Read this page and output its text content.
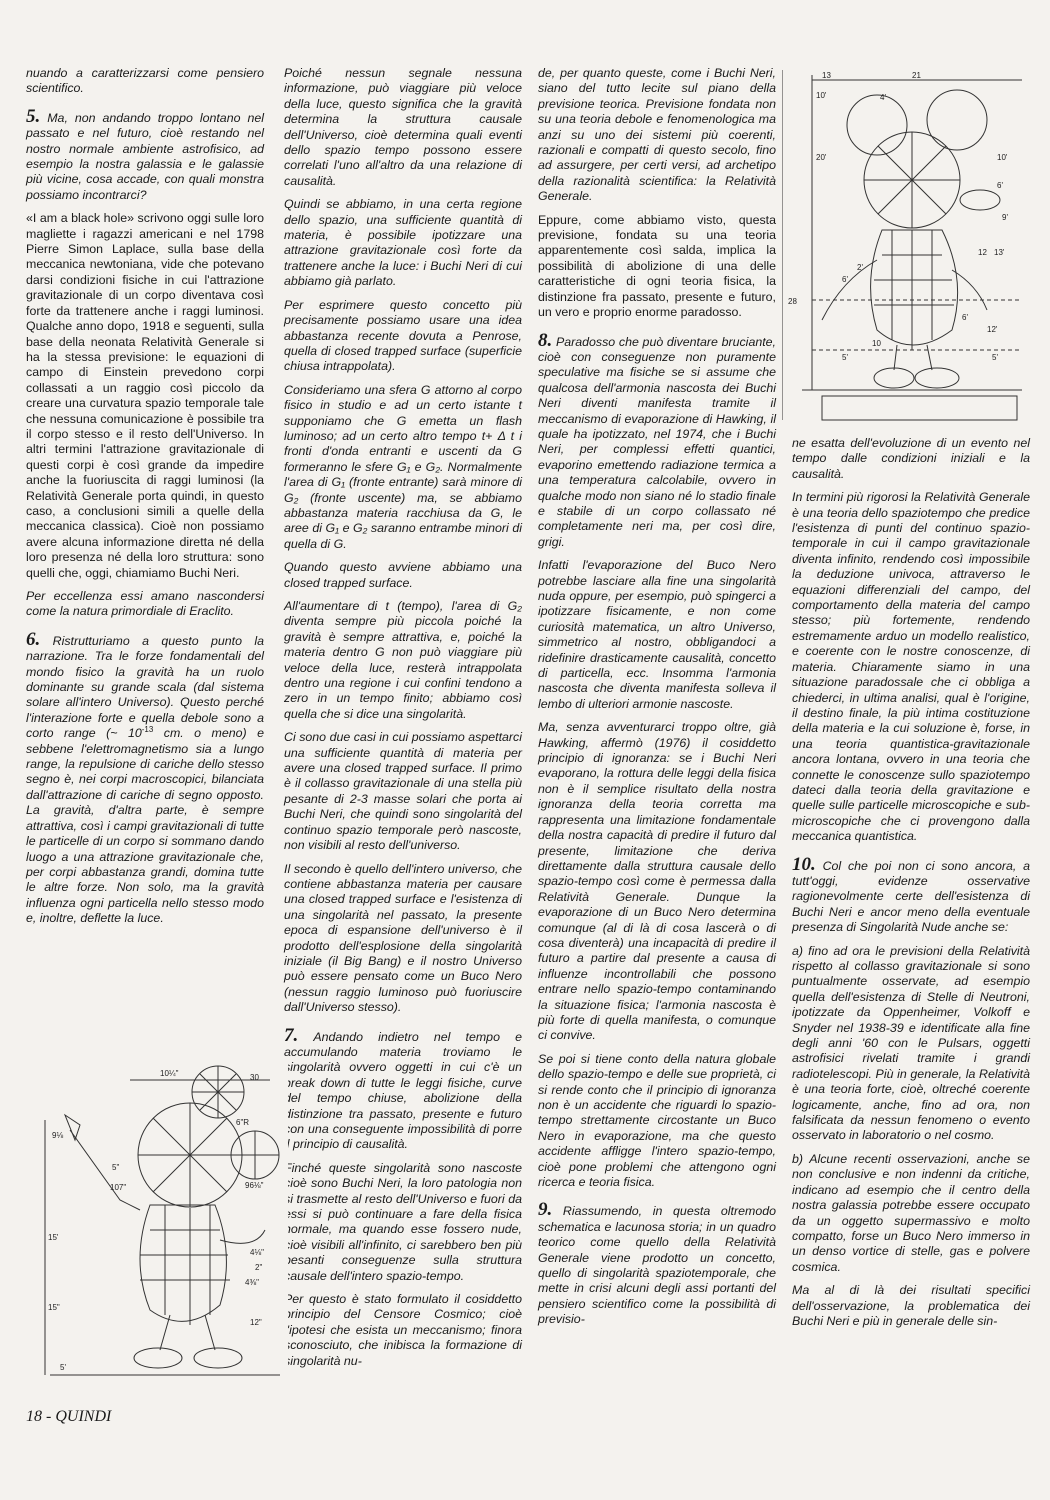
nuando a caratterizzarsi come pensiero scientifico.

5. Ma, non andando troppo lontano nel passato e nel futuro, cioè restando nel nostro normale ambiente astrofisico, ad esempio la nostra galassia e le galassie più vicine, cosa accade, con quali monstra possiamo incontrarci?

«I am a black hole» scrivono oggi sulle loro magliette i ragazzi americani e nel 1798 Pierre Simon Laplace, sulla base della meccanica newtoniana, vide che potevano darsi condizioni fisiche in cui l'attrazione gravitazionale di un corpo diventava così forte da trattenere anche i raggi luminosi. Qualche anno dopo, 1918 e seguenti, sulla base della neonata Relatività Generale si ha la stessa previsione: le equazioni di campo di Einstein prevedono corpi collassati a un raggio così piccolo da creare una curvatura spazio temporale tale che nessuna comunicazione è possibile tra il corpo stesso e il resto dell'Universo. In altri termini l'attrazione gravitazionale di questi corpi è così grande da impedire anche la fuoriuscita di raggi luminosi (la Relatività Generale porta quindi, in questo caso, a conclusioni simili a quelle della meccanica classica). Cioè non possiamo avere alcuna informazione diretta né della loro presenza né della loro struttura: sono quelli che, oggi, chiamiamo Buchi Neri.

Per eccellenza essi amano nascondersi come la natura primordiale di Eraclito.

6. Ristrutturiamo a questo punto la narrazione. Tra le forze fondamentali del mondo fisico la gravità ha un ruolo dominante su grande scala (dal sistema solare all'intero Universo). Questo perché l'interazione forte e quella debole sono a corto range (~ $10^{-13}$ cm. o meno) e sebbene l'elettromagnetismo sia a lungo range, la repulsione di cariche dello stesso segno è, nei corpi macroscopici, bilanciata dall'attrazione di cariche di segno opposto. La gravità, d'altra parte, è sempre attrattiva, così i campi gravitazionali di tutte le particelle di un corpo si sommano dando luogo a una attrazione gravitazionale che, per corpi abbastanza grandi, domina tutte le altre forze. Non solo, ma la gravità influenza ogni particella nello stesso modo e, inoltre, deflette la luce.

Poiché nessun segnale nessuna informazione, può viaggiare più veloce della luce, questo significa che la gravità determina la struttura causale dell'Universo, cioè determina quali eventi dello spazio tempo possono essere correlati l'uno all'altro da una relazione di causalità.

Quindi se abbiamo, in una certa regione dello spazio, una sufficiente quantità di materia, è possibile ipotizzare una attrazione gravitazionale così forte da trattenere anche la luce: i Buchi Neri di cui abbiamo già parlato.

Per esprimere questo concetto più precisamente possiamo usare una idea abbastanza recente dovuta a Penrose, quella di closed trapped surface (superficie chiusa intrappolata).

Consideriamo una sfera G attorno al corpo fisico in studio e ad un certo istante t supponiamo che G emetta un flash luminoso; ad un certo altro tempo t+ Δ t i fronti d'onda entranti e uscenti da G formeranno le sfere G₁ e G₂. Normalmente l'area di G₁ (fronte entrante) sarà minore di G₂ (fronte uscente) ma, se abbiamo abbastanza materia racchiusa da G, le aree di G₁ e G₂ saranno entrambe minori di quella di G.

Quando questo avviene abbiamo una closed trapped surface.

All'aumentare di t (tempo), l'area di G₂ diventa sempre più piccola poiché la gravità è sempre attrattiva, e, poiché la materia dentro G non può viaggiare più veloce della luce, resterà intrappolata dentro una regione i cui confini tendono a zero in un tempo finito; abbiamo così quella che si dice una singolarità.

Ci sono due casi in cui possiamo aspettarci una sufficiente quantità di materia per avere una closed trapped surface. Il primo è il collasso gravitazionale di una stella più pesante di 2-3 masse solari che porta ai Buchi Neri, che quindi sono singolarità del continuo spazio temporale però nascoste, non visibili al resto dell'universo.

Il secondo è quello dell'intero universo, che contiene abbastanza materia per causare una closed trapped surface e l'esistenza di una singolarità nel passato, la presente epoca di espansione dell'universo è il prodotto dell'esplosione della singolarità iniziale (il Big Bang) e il nostro Universo può essere pensato come un Buco Nero (nessun raggio luminoso può fuoriuscire dall'Universo stesso).

7. Andando indietro nel tempo e accumulando materia troviamo le singolarità ovvero oggetti in cui c'è un break down di tutte le leggi fisiche, curve del tempo chiuse, abolizione della distinzione tra passato, presente e futuro con una conseguente impossibilità di porre il principio di causalità.

Finché queste singolarità sono nascoste cioè sono Buchi Neri, la loro patologia non si trasmette al resto dell'Universo e fuori da essi si può continuare a fare della fisica normale, ma quando esse fossero nude, cioè visibili all'infinito, ci sarebbero ben più pesanti conseguenze sulla struttura causale dell'intero spazio-tempo.

Per questo è stato formulato il cosiddetto principio del Censore Cosmico; cioè l'ipotesi che esista un meccanismo; finora sconosciuto, che inibisca la formazione di singolarità nu-

de, per quanto queste, come i Buchi Neri, siano del tutto lecite sul piano della previsione teorica. Previsione fondata non su una teoria debole e fenomenologica ma anzi su uno dei sistemi più coerenti, razionali e compatti di questo secolo, fino ad assurgere, per certi versi, ad archetipo della razionalità scientifica: la Relatività Generale.

Eppure, come abbiamo visto, questa previsione, fondata su una teoria apparentemente così salda, implica la possibilità di abolizione di una delle caratteristiche di ogni teoria fisica, la distinzione fra passato, presente e futuro, un vero e proprio enorme paradosso.

8. Paradosso che può diventare bruciante, cioè con conseguenze non puramente speculative ma fisiche se si assume che qualcosa dell'armonia nascosta dei Buchi Neri diventi manifesta tramite il meccanismo di evaporazione di Hawking, il quale ha ipotizzato, nel 1974, che i Buchi Neri, per complessi effetti quantici, evaporino emettendo radiazione termica a una temperatura calcolabile, ovvero in qualche modo non siano né lo stadio finale e stabile di un corpo collassato né completamente neri ma, per così dire, grigi.

Infatti l'evaporazione del Buco Nero potrebbe lasciare alla fine una singolarità nuda oppure, per esempio, può spingerci a ipotizzare fisicamente, e non come curiosità matematica, un altro Universo, simmetrico al nostro, obbligandoci a ridefinire drasticamente causalità, concetto di particella, ecc. Insomma l'armonia nascosta che diventa manifesta solleva il lembo di ulteriori armonie nascoste.

Ma, senza avventurarci troppo oltre, già Hawking, affermò (1976) il cosiddetto principio di ignoranza: se i Buchi Neri evaporano, la rottura delle leggi della fisica non è il semplice risultato della nostra ignoranza della teoria corretta ma rappresenta una limitazione fondamentale della nostra capacità di predire il futuro dal presente, limitazione che deriva direttamente dalla struttura causale dello spazio-tempo così come è permessa dalla Relatività Generale. Dunque la evaporazione di un Buco Nero determina comunque (al di là di cosa lascerà o di cosa diventerà) una incapacità di predire il futuro a partire dal presente a causa di influenze incontrollabili che possono entrare nello spazio-tempo contaminando la situazione fisica; l'armonia nascosta è più forte di quella manifesta, o comunque ci convive.

Se poi si tiene conto della natura globale dello spazio-tempo e delle sue proprietà, ci si rende conto che il principio di ignoranza non è un accidente che riguardi lo spazio-tempo strettamente circostante un Buco Nero in evaporazione, ma che questo accidente affligge l'intero spazio-tempo, cioè pone problemi che attengono ogni ricerca e teoria fisica.

9. Riassumendo, in questa oltremodo schematica e lacunosa storia; in un quadro teorico come quello della Relatività Generale viene prodotto un concetto, quello di singolarità spaziotemporale, che mette in crisi alcuni degli assi portanti del pensiero scientifico come la possibilità di previsio-

ne esatta dell'evoluzione di un evento nel tempo dalle condizioni iniziali e la causalità.

In termini più rigorosi la Relatività Generale è una teoria dello spaziotempo che predice l'esistenza di punti del continuo spazio-temporale in cui il campo gravitazionale diventa infinito, rendendo così impossibile la deduzione univoca, attraverso le equazioni differenziali del campo, del comportamento della materia del campo stesso; più fortemente, rendendo estremamente arduo un modello realistico, e coerente con le nostre conoscenze, di materia. Chiaramente siamo in una situazione paradossale che ci obbliga a chiederci, in ultima analisi, qual è l'origine, il destino finale, la più intima costituzione della materia e la cui soluzione è, forse, in una teoria quantistica-gravitazionale ancora lontana, ovvero in una teoria che connette le conoscenze sullo spaziotempo dateci dalla teoria della gravitazione e quelle sulle particelle microscopiche e sub-microscopiche che ci provengono dalla meccanica quantistica.

10. Col che poi non ci sono ancora, a tutt'oggi, evidenze osservative ragionevolmente certe dell'esistenza di Buchi Neri e ancor meno della eventuale presenza di Singolarità Nude anche se:

a) fino ad ora le previsioni della Relatività rispetto al collasso gravitazionale si sono puntualmente osservate, ad esempio quella dell'esistenza di Stelle di Neutroni, ipotizzate da Oppenheimer, Volkoff e Snyder nel 1938-39 e identificate alla fine degli anni '60 con le Pulsars, oggetti astrofisici rivelati tramite i grandi radiotelescopi. Più in generale, la Relatività è una teoria forte, cioè, oltreché coerente logicamente, anche, fino ad ora, non falsificata da nessun fenomeno o evento osservato in laboratorio o nel cosmo.

b) Alcune recenti osservazioni, anche se non conclusive e non indenni da critiche, indicano ad esempio che il centro della nostra galassia potrebbe essere occupato da un oggetto supermassivo e molto compatto, forse un Buco Nero immerso in un denso vortice di stelle, gas e polvere cosmica.

Ma al di là dei risultati specifici dell'osservazione, la problematica dei Buchi Neri e più in generale delle sin-

13	21
4'
10'
20'
6'
10'
9'
28
12 13'
6'
10
5'
2'
12'
6'
5'
10¼"	30
6"R
9⅛
5"
107"	96⅛"
15'
4⅛"
2"
4⅜"
12"
5'
15"
18 - QUINDI
